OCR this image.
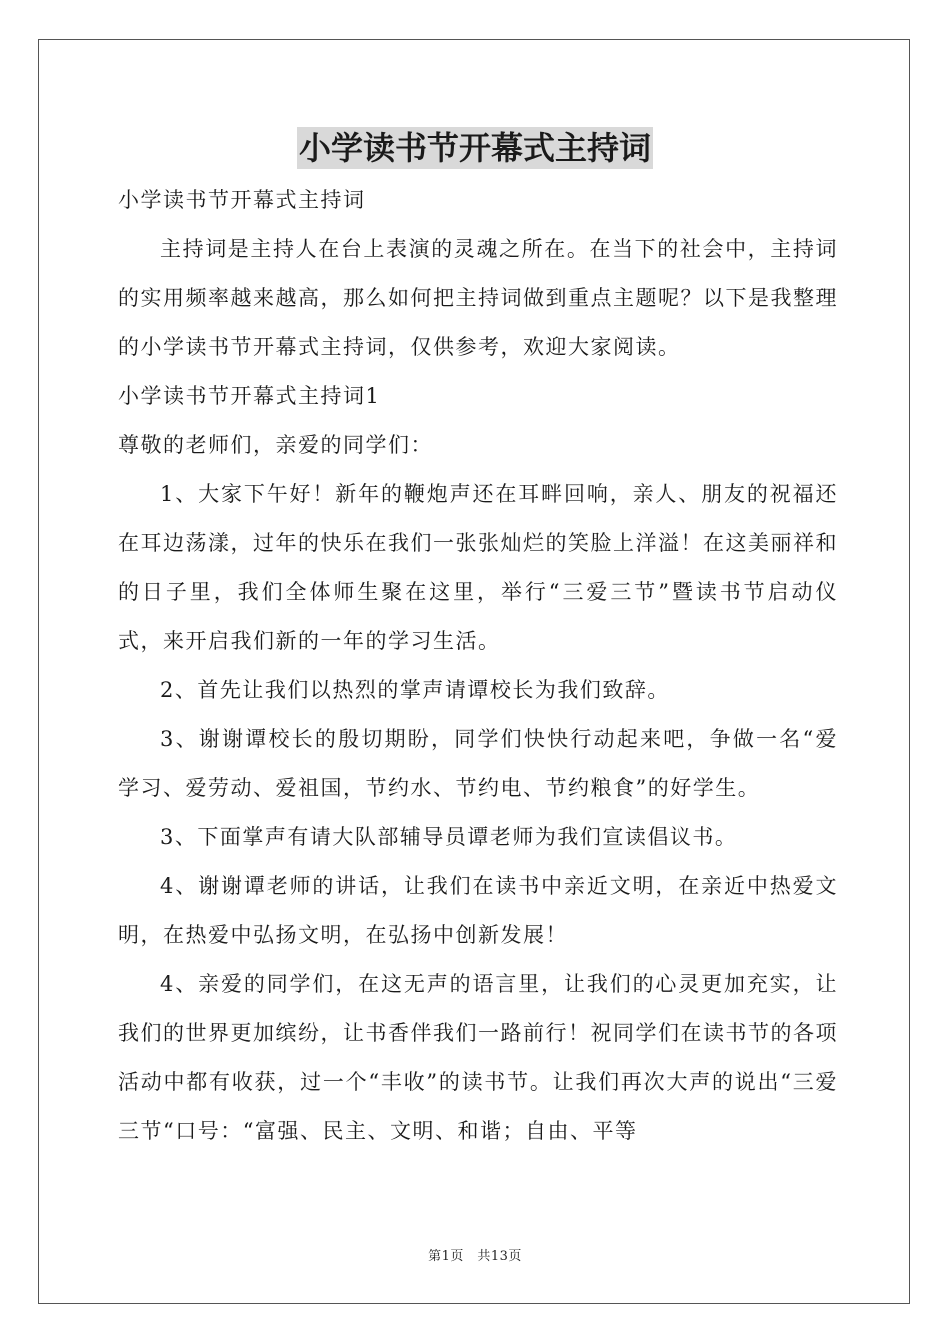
小学读书节开幕式主持词
小学读书节开幕式主持词

主持词是主持人在台上表演的灵魂之所在。在当下的社会中，主持词的实用频率越来越高，那么如何把主持词做到重点主题呢？以下是我整理的小学读书节开幕式主持词，仅供参考，欢迎大家阅读。

小学读书节开幕式主持词1
尊敬的老师们，亲爱的同学们：

1、大家下午好！新年的鞭炮声还在耳畔回响，亲人、朋友的祝福还在耳边荡漾，过年的快乐在我们一张张灿烂的笑脸上洋溢！在这美丽祥和的日子里，我们全体师生聚在这里，举行“三爱三节”暨读书节启动仪式，来开启我们新的一年的学习生活。

2、首先让我们以热烈的掌声请谭校长为我们致辞。

3、谢谢谭校长的殷切期盼，同学们快快行动起来吧，争做一名“爱学习、爱劳动、爱祖国，节约水、节约电、节约粮食”的好学生。

3、下面掌声有请大队部辅导员谭老师为我们宣读倡议书。

4、谢谢谭老师的讲话，让我们在读书中亲近文明，在亲近中热爱文明，在热爱中弘扬文明，在弘扬中创新发展！

4、亲爱的同学们，在这无声的语言里，让我们的心灵更加充实，让我们的世界更加缤纷，让书香伴我们一路前行！祝同学们在读书节的各项活动中都有收获，过一个“丰收”的读书节。让我们再次大声的说出“三爱三节“口号：“富强、民主、文明、和谐；自由、平等

第1页　共13页
